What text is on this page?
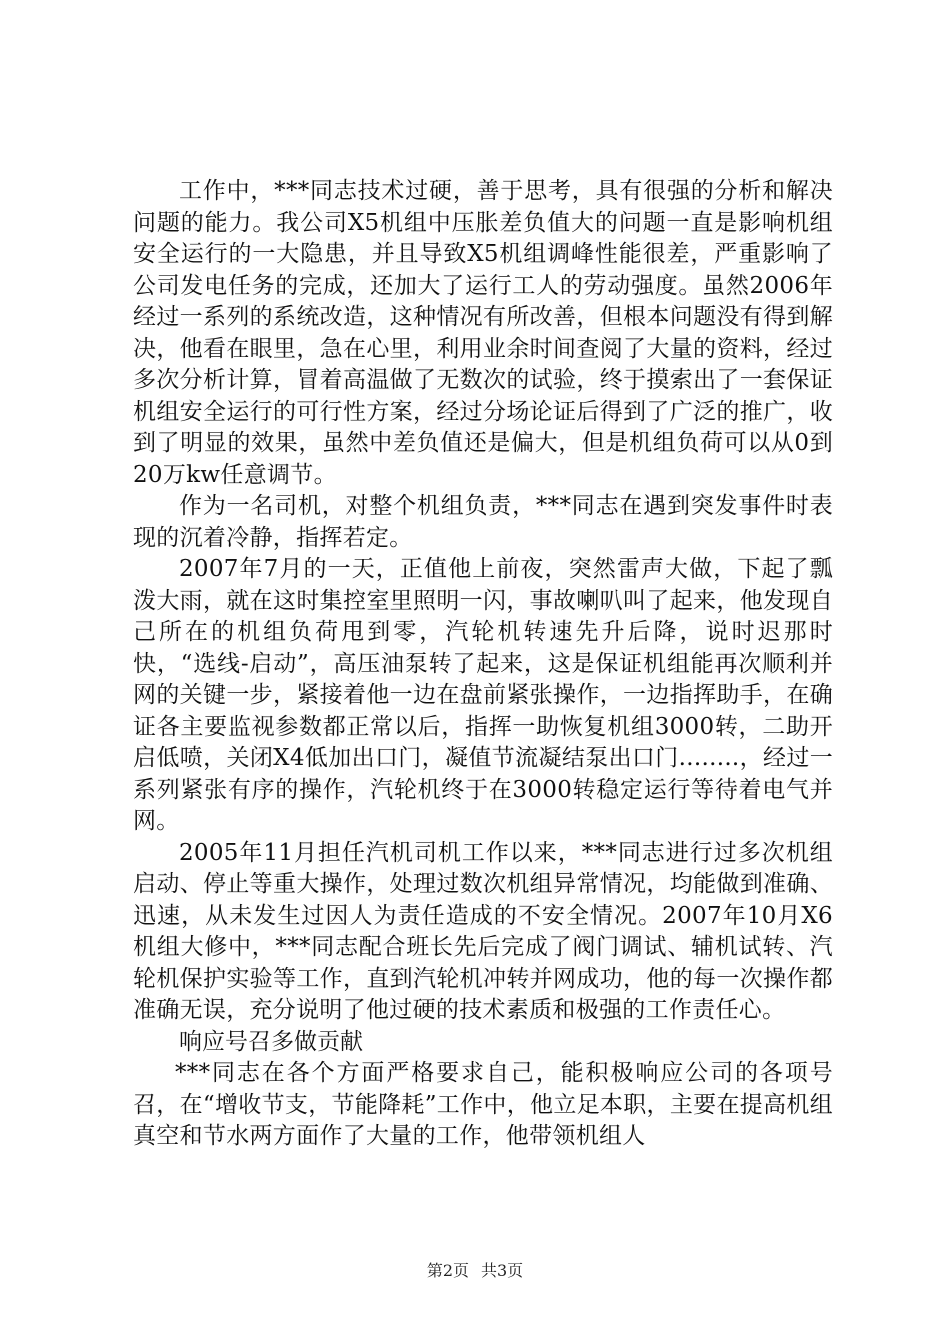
工作中，***同志技术过硬，善于思考，具有很强的分析和解决问题的能力。我公司X5机组中压胀差负值大的问题一直是影响机组安全运行的一大隐患，并且导致X5机组调峰性能很差，严重影响了公司发电任务的完成，还加大了运行工人的劳动强度。虽然2006年经过一系列的系统改造，这种情况有所改善，但根本问题没有得到解决，他看在眼里，急在心里，利用业余时间查阅了大量的资料，经过多次分析计算，冒着高温做了无数次的试验，终于摸索出了一套保证机组安全运行的可行性方案，经过分场论证后得到了广泛的推广，收到了明显的效果，虽然中差负值还是偏大，但是机组负荷可以从0到20万kw任意调节。

作为一名司机，对整个机组负责，***同志在遇到突发事件时表现的沉着冷静，指挥若定。

2007年7月的一天，正值他上前夜，突然雷声大做，下起了瓢泼大雨，就在这时集控室里照明一闪，事故喇叭叫了起来，他发现自己所在的机组负荷甩到零，汽轮机转速先升后降，说时迟那时快，“选线-启动”，高压油泵转了起来，这是保证机组能再次顺利并网的关键一步，紧接着他一边在盘前紧张操作，一边指挥助手，在确证各主要监视参数都正常以后，指挥一助恢复机组3000转，二助开启低喷，关闭X4低加出口门，凝值节流凝结泵出口门........，经过一系列紧张有序的操作，汽轮机终于在3000转稳定运行等待着电气并网。

2005年11月担任汽机司机工作以来，***同志进行过多次机组启动、停止等重大操作，处理过数次机组异常情况，均能做到准确、迅速，从未发生过因人为责任造成的不安全情况。2007年10月X6机组大修中，***同志配合班长先后完成了阀门调试、辅机试转、汽轮机保护实验等工作，直到汽轮机冲转并网成功，他的每一次操作都准确无误，充分说明了他过硬的技术素质和极强的工作责任心。

响应号召多做贡献

***同志在各个方面严格要求自己，能积极响应公司的各项号召，在“增收节支，节能降耗”工作中，他立足本职，主要在提高机组真空和节水两方面作了大量的工作，他带领机组人

第2页 共3页
